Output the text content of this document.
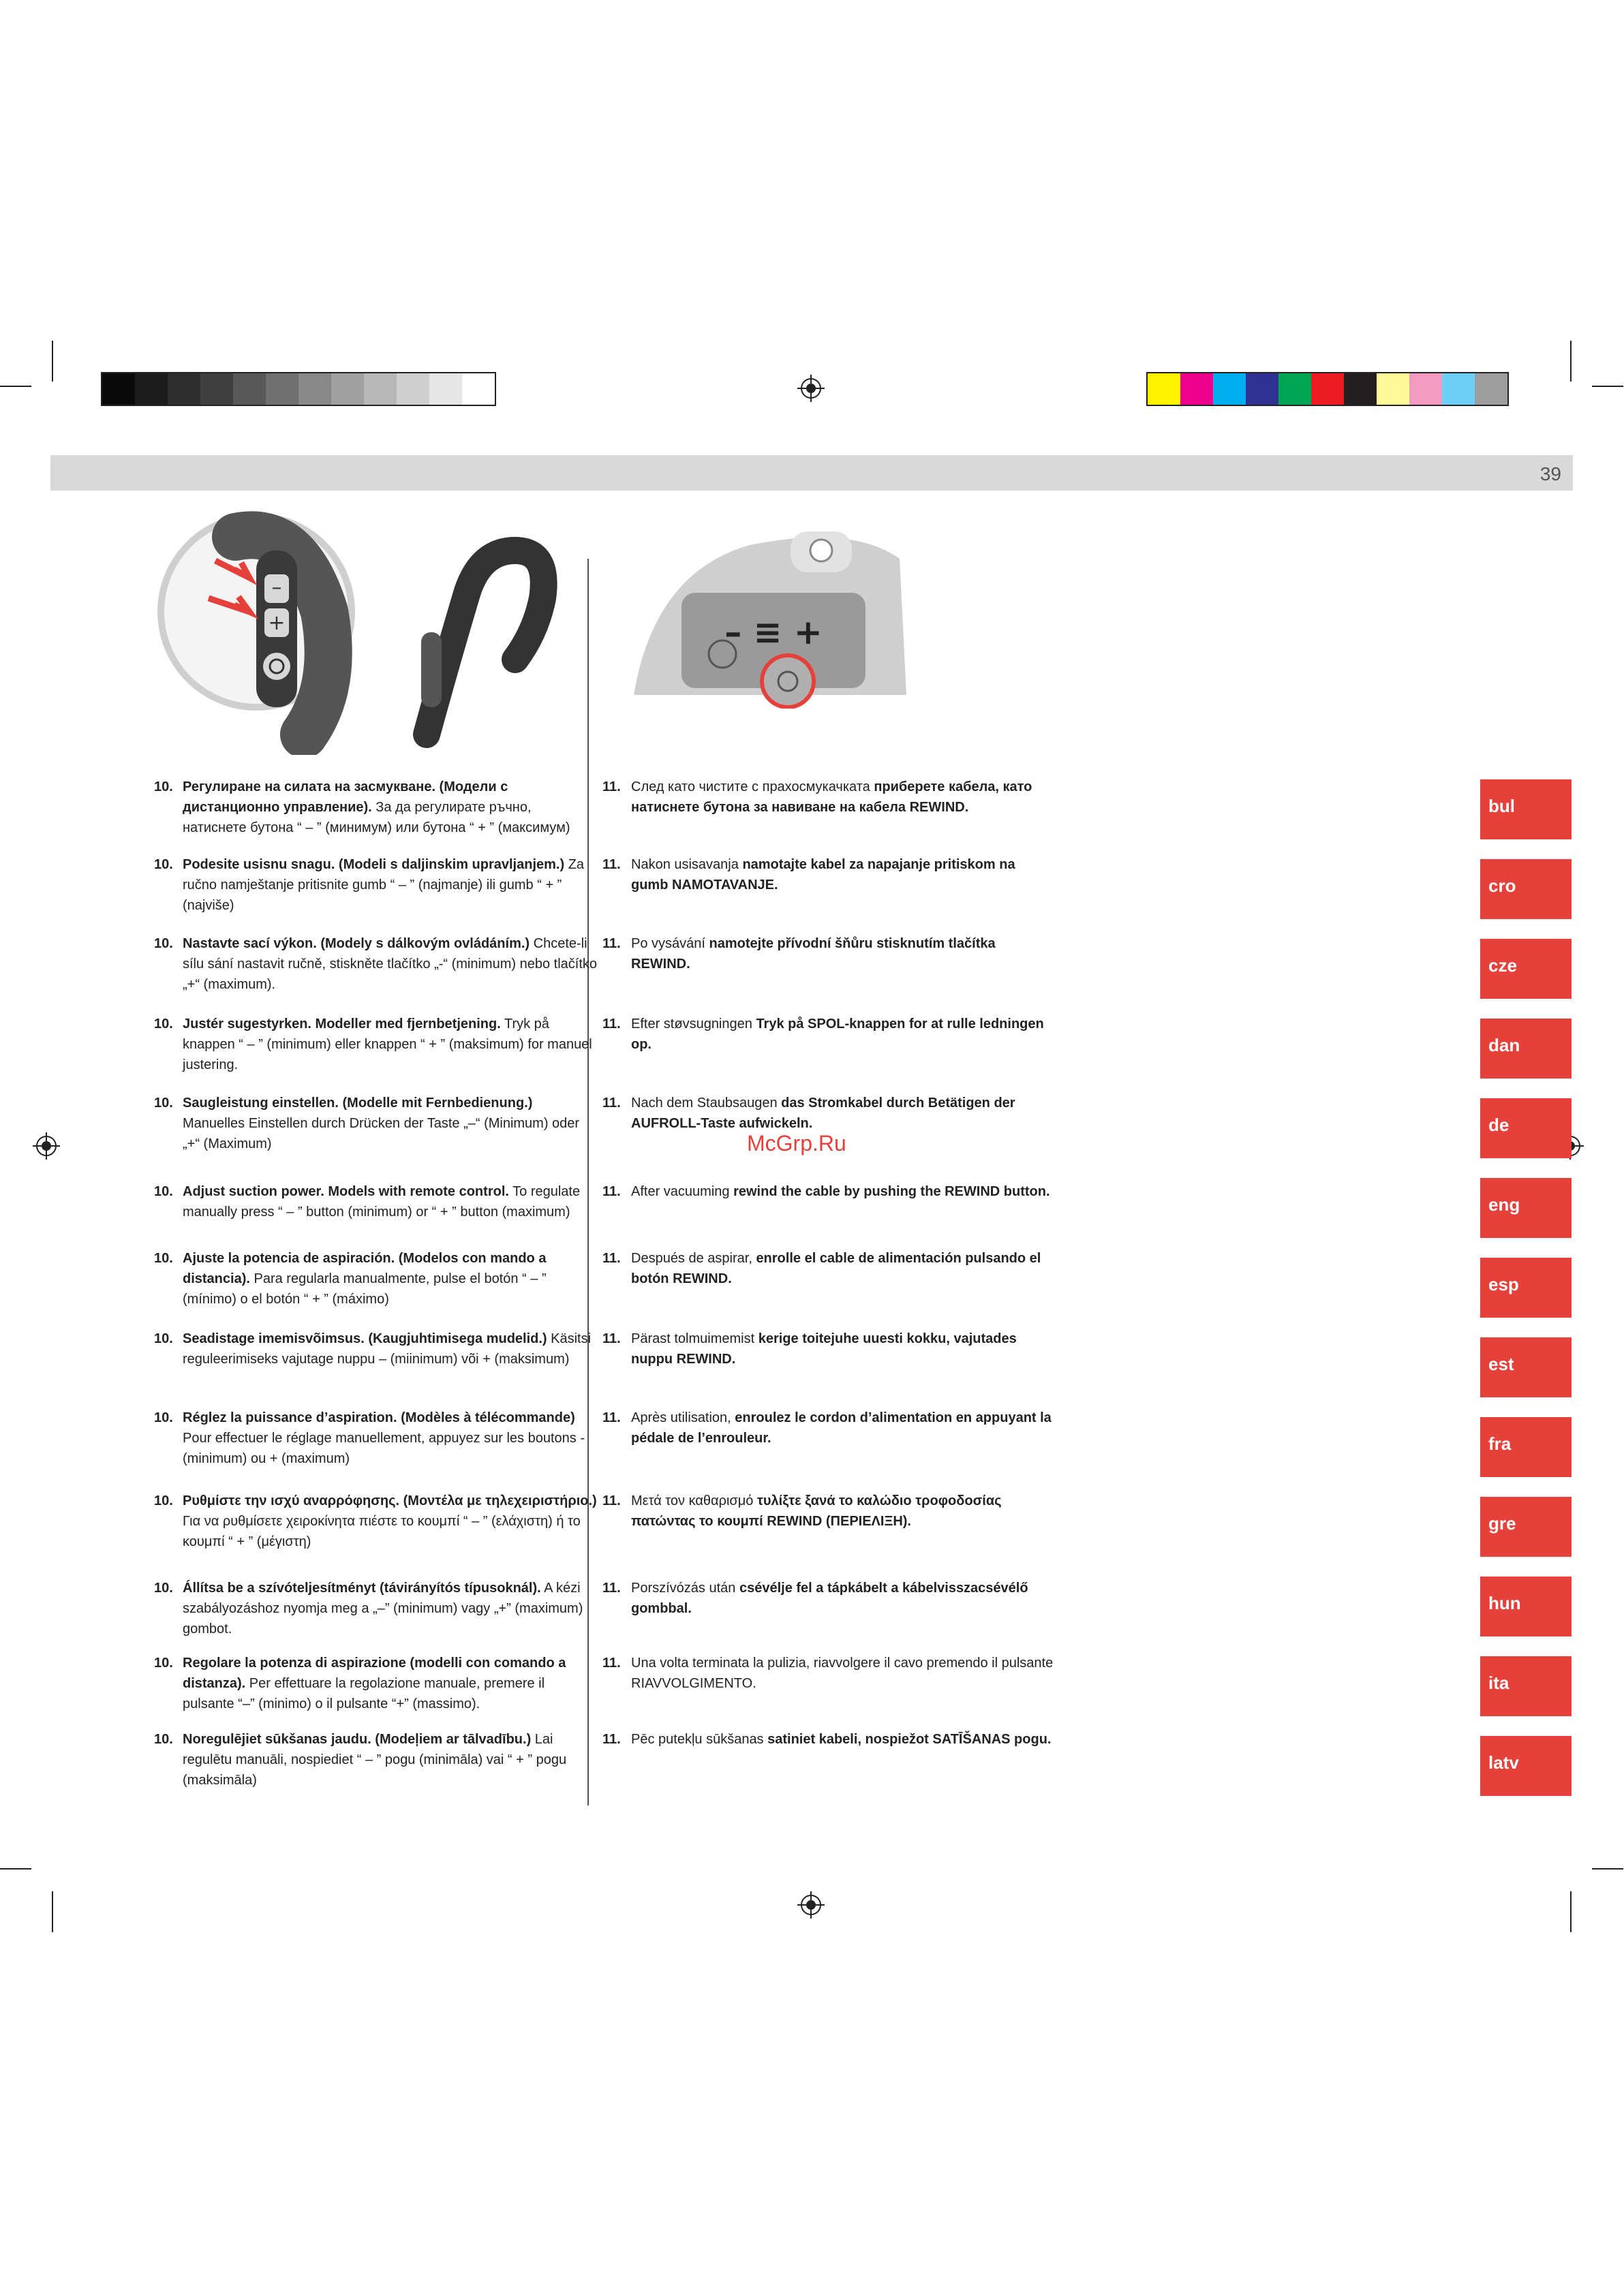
39
–
+	– ≡ +
McGrp.Ru
10. Регулиране на силата на засмукване. (Модели с дистанционно управление). За да регулирате ръчно, натиснете бутона “ – ” (минимум) или бутона “ + ” (максимум)
10. Podesite usisnu snagu. (Modeli s daljinskim upravljanjem.) Za ručno namještanje pritisnite gumb “ – ” (najmanje) ili gumb “ + ” (najviše)
10. Nastavte sací výkon. (Modely s dálkovým ovládáním.) Chcete-li sílu sání nastavit ručně, stiskněte tlačítko „-“ (minimum) nebo tlačítko „+“ (maximum).
10. Justér sugestyrken. Modeller med fjernbetjening. Tryk på knappen “ – ” (minimum) eller knappen “ + ” (maksimum) for manuel justering.
10. Saugleistung einstellen. (Modelle mit Fernbedienung.) Manuelles Einstellen durch Drücken der Taste „–“ (Minimum) oder „+“ (Maximum)
10. Adjust suction power. Models with remote control. To regulate manually press “ – ” button (minimum) or “ + ” button (maximum)
10. Ajuste la potencia de aspiración. (Modelos con mando a distancia). Para regularla manualmente, pulse el botón “ – ” (mínimo) o el botón “ + ” (máximo)
10. Seadistage imemisvõimsus. (Kaugjuhtimisega mudelid.) Käsitsi reguleerimiseks vajutage nuppu – (miinimum) või + (maksimum)
10. Réglez la puissance d’aspiration. (Modèles à télécommande) Pour effectuer le réglage manuellement, appuyez sur les boutons - (minimum) ou + (maximum)
10. Ρυθμίστε την ισχύ αναρρόφησης. (Μοντέλα με τηλεχειριστήριο.) Για να ρυθμίσετε χειροκίνητα πιέστε το κουμπί “ – ” (ελάχιστη) ή το κουμπί “ + ” (μέγιστη)
10. Állítsa be a szívóteljesítményt (távirányítós típusoknál). A kézi szabályozáshoz nyomja meg a „–” (minimum) vagy „+” (maximum) gombot.
10. Regolare la potenza di aspirazione (modelli con comando a distanza). Per effettuare la regolazione manuale, premere il pulsante “–” (minimo) o il pulsante “+” (massimo).
10. Noregulējiet sūkšanas jaudu. (Modeļiem ar tālvadību.) Lai regulētu manuāli, nospiediet “ – ” pogu (minimāla) vai “ + ” pogu (maksimāla)
11. След като чистите с прахосмукачката приберете кабела, като натиснете бутона за навиване на кабела REWIND.
11. Nakon usisavanja namotajte kabel za napajanje pritiskom na gumb NAMOTAVANJE.
11. Po vysávání namotejte přívodní šňůru stisknutím tlačítka REWIND.
11. Efter støvsugningen Tryk på SPOL-knappen for at rulle ledningen op.
11. Nach dem Staubsaugen das Stromkabel durch Betätigen der AUFROLL-Taste aufwickeln.
11. After vacuuming rewind the cable by pushing the REWIND button.
11. Después de aspirar, enrolle el cable de alimentación pulsando el botón REWIND.
11. Pärast tolmuimemist kerige toitejuhe uuesti kokku, vajutades nuppu REWIND.
11. Après utilisation, enroulez le cordon d’alimentation en appuyant la pédale de l’enrouleur.
11. Μετά τον καθαρισμό τυλίξτε ξανά το καλώδιο τροφοδοσίας πατώντας το κουμπί REWIND (ΠΕΡΙΕΛΙΞΗ).
11. Porszívózás után csévélje fel a tápkábelt a kábelvisszacsévélő gombbal.
11. Una volta terminata la pulizia, riavvolgere il cavo premendo il pulsante RIAVVOLGIMENTO.
11. Pēc putekļu sūkšanas satiniet kabeli, nospiežot SATĪŠANAS pogu.
bul
cro
cze
dan
de
eng
esp
est
fra
gre
hun
ita
latv
